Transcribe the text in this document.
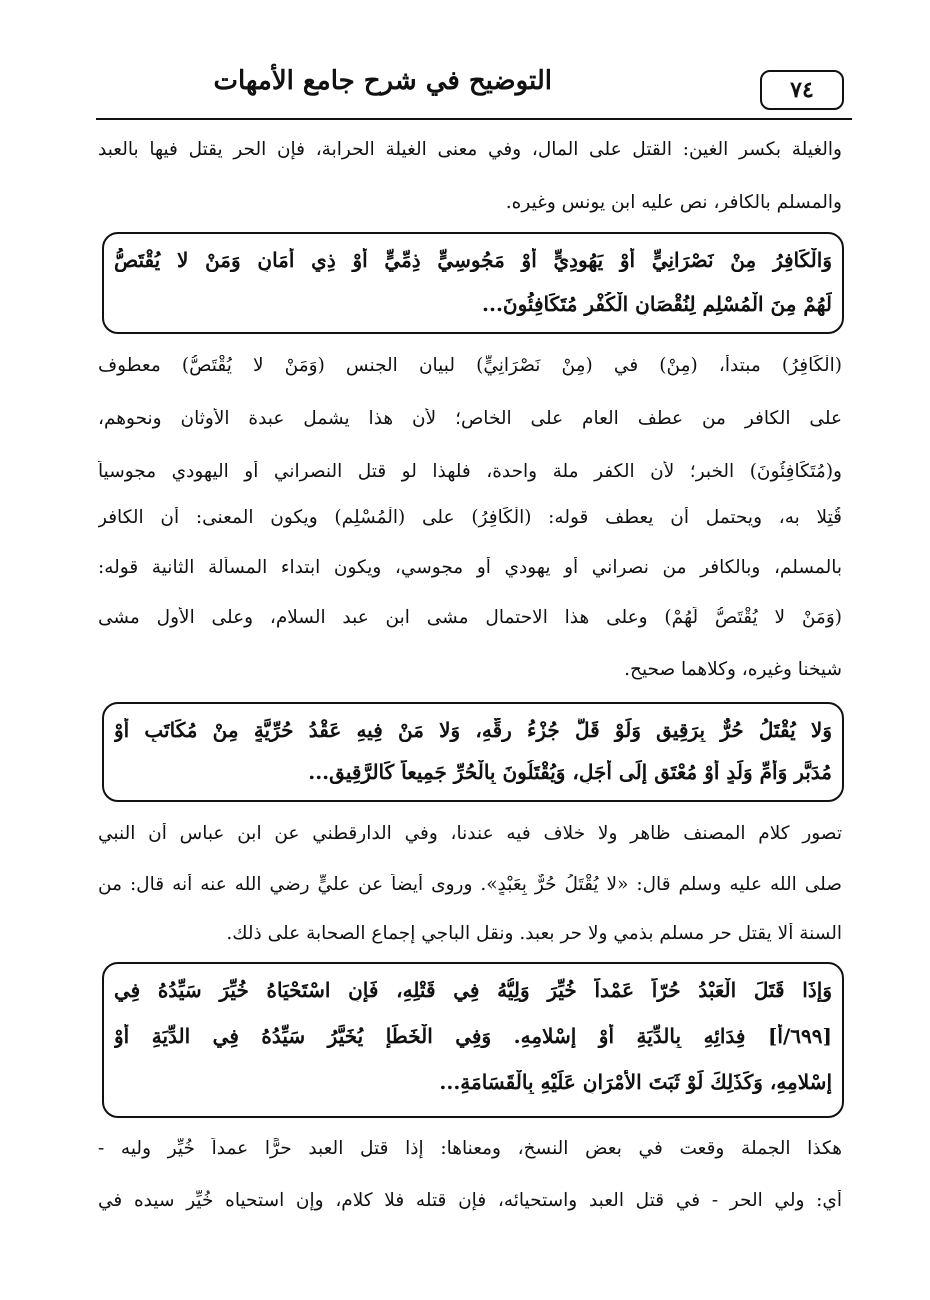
التوضيح في شرح جامع الأمهات	٧٤
والغيلة بكسر الغين: القتل على المال، وفي معنى الغيلة الحرابة، فإن الحر يقتل فيها بالعبد
والمسلم بالكافر، نص عليه ابن يونس وغيره.
وَالْكَافِرُ مِنْ نَصْرَانِيٍّ أَوْ يَهُودِيٍّ أَوْ مَجُوسِيٍّ ذِمِّيٍّ أَوْ ذِي أَمَانٍ وَمَنْ لا يُقْتَصُّ
لَهُمْ مِنَ الْمُسْلِمِ لِنُقْصَانِ الْكُفْرِ مُتَكَافِئُونَ...
(الْكَافِرُ) مبتدأ، (مِنْ) في (مِنْ نَصْرَانِيٍّ) لبيان الجنس (وَمَنْ لا يُقْتَصُّ) معطوف
على الكافر من عطف العام على الخاص؛ لأن هذا يشمل عبدة الأوثان ونحوهم،
و(مُتَكَافِئُونَ) الخبر؛ لأن الكفر ملة واحدة، فلهذا لو قتل النصراني أو اليهودي مجوسياً
قُتِلا به، ويحتمل أن يعطف قوله: (الْكَافِرُ) على (الْمُسْلِمِ) ويكون المعنى: أن الكافر
بالمسلم، وبالكافر من نصراني أو يهودي أو مجوسي، ويكون ابتداء المسألة الثانية قوله:
(وَمَنْ لا يُقْتَصُّ لَهُمْ) وعلى هذا الاحتمال مشى ابن عبد السلام، وعلى الأول مشى
شيخنا وغيره، وكلاهما صحيح.
وَلا يُقْتَلُ حُرٌّ بِرَقِيقٍ وَلَوْ قَلَّ جُزْءُ رِقِّهِ، وَلا مَنْ فِيهِ عَقْدُ حُرِّيَّةٍ مِنْ مُكَاتَبٍ أَوْ
مُدَبَّرٍ وَأُمِّ وَلَدٍ أَوْ مُعْتَقٍ إِلَى أَجَلٍ، وَيُقْتَلُونَ بِالْحُرِّ جَمِيعاً كَالرَّقِيقِ...
تصور كلام المصنف ظاهر ولا خلاف فيه عندنا، وفي الدارقطني عن ابن عباس أن النبي
صلى الله عليه وسلم قال: «لا يُقْتَلُ حُرٌّ بِعَبْدٍ». وروى أيضاً عن عليٍّ رضي الله عنه أنه قال: من
السنة ألا يقتل حر مسلم بذمي ولا حر بعبد. ونقل الباجي إجماع الصحابة على ذلك.
وَإِذَا قَتَلَ الْعَبْدُ حُرّاً عَمْداً خُيِّرَ وَلِيُّهُ فِي قَتْلِهِ، فَإِنِ اسْتَحْيَاهُ خُيِّرَ سَيِّدُهُ فِي
[٦٩٩/أ] فِدَائِهِ بِالدِّيَةِ أَوْ إِسْلامِهِ. وَفِي الْخَطَإِ يُخَيَّرُ سَيِّدُهُ فِي الدِّيَةِ أَوْ
إِسْلامِهِ، وَكَذَلِكَ لَوْ ثَبَتَ الأَمْرَانِ عَلَيْهِ بِالْقَسَامَةِ...
هكذا الجملة وقعت في بعض النسخ، ومعناها: إذا قتل العبد حرًّا عمداً خُيِّر وليه -
أي: ولي الحر - في قتل العبد واستحيائه، فإن قتله فلا كلام، وإن استحياه خُيِّر سيده في
